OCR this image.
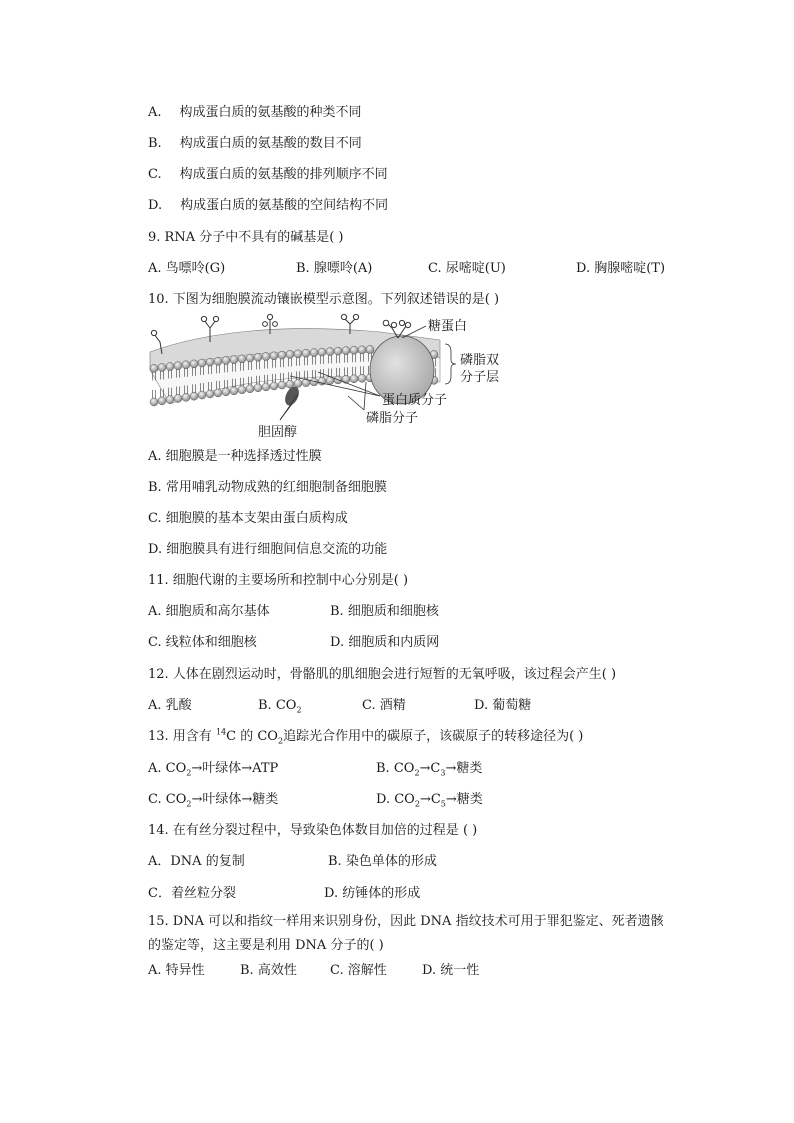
A. 构成蛋白质的氨基酸的种类不同
B. 构成蛋白质的氨基酸的数目不同
C. 构成蛋白质的氨基酸的排列顺序不同
D. 构成蛋白质的氨基酸的空间结构不同
9. RNA 分子中不具有的碱基是( )
A. 鸟嘌呤(G)	B. 腺嘌呤(A)	C. 尿嘧啶(U)	D. 胸腺嘧啶(T)
10. 下图为细胞膜流动镶嵌模型示意图。下列叙述错误的是( )
糖蛋白
磷脂双
分子层
蛋白质分子
磷脂分子
胆固醇
A. 细胞膜是一种选择透过性膜
B. 常用哺乳动物成熟的红细胞制备细胞膜
C. 细胞膜的基本支架由蛋白质构成
D. 细胞膜具有进行细胞间信息交流的功能
11. 细胞代谢的主要场所和控制中心分别是( )
A. 细胞质和高尔基体	B. 细胞质和细胞核
C. 线粒体和细胞核	D. 细胞质和内质网
12. 人体在剧烈运动时，骨骼肌的肌细胞会进行短暂的无氧呼吸，该过程会产生( )
A. 乳酸	B. $CO_2$	C. 酒精	D. 葡萄糖
13. 用含有 $^{14}$C 的 $CO_2$追踪光合作用中的碳原子，该碳原子的转移途径为( )
A. $CO_2\to$叶绿体→ATP	B. $CO_2\to C_3\to$糖类
C. $CO_2\to$叶绿体→糖类	D. $CO_2\to C_5\to$糖类
14. 在有丝分裂过程中，导致染色体数目加倍的过程是 ( )
A．DNA 的复制	B. 染色单体的形成
C．着丝粒分裂	D. 纺锤体的形成
15. DNA 可以和指纹一样用来识别身份，因此 DNA 指纹技术可用于罪犯鉴定、死者遗骸
的鉴定等，这主要是利用 DNA 分子的( )
A. 特异性	B. 高效性	C. 溶解性	D. 统一性
